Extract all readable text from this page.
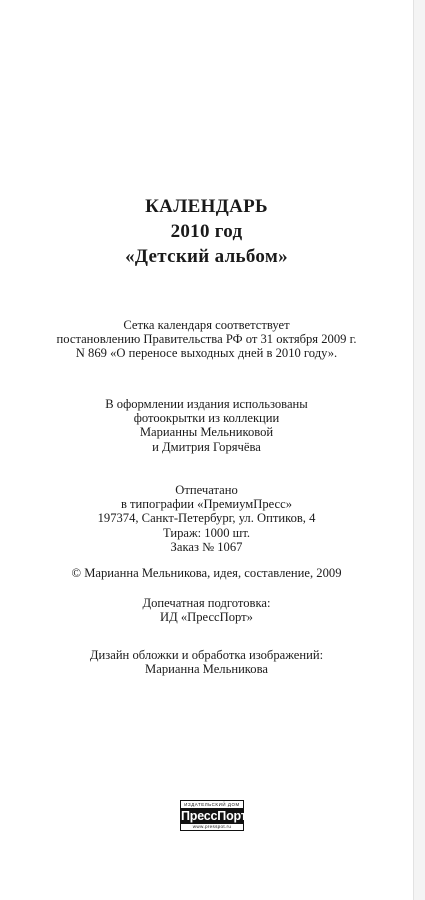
КАЛЕНДАРЬ
2010 год
«Детский альбом»
Сетка календаря соответствует
постановлению Правительства РФ от 31 октября 2009 г.
N 869 «О переносе выходных дней в 2010 году».
В оформлении издания использованы
фотоокрытки из коллекции
Марианны Мельниковой
и Дмитрия Горячёва
Отпечатано
в типографии «ПремиумПресс»
197374, Санкт-Петербург, ул. Оптиков, 4
Тираж: 1000 шт.
Заказ № 1067
© Марианна Мельникова, идея, составление, 2009
Допечатная подготовка:
ИД «ПрессПорт»
Дизайн обложки и обработка изображений:
Марианна Мельникова
ИЗДАТЕЛЬСКИЙ ДОМ
ПрессПорт
www.presspot.ru
